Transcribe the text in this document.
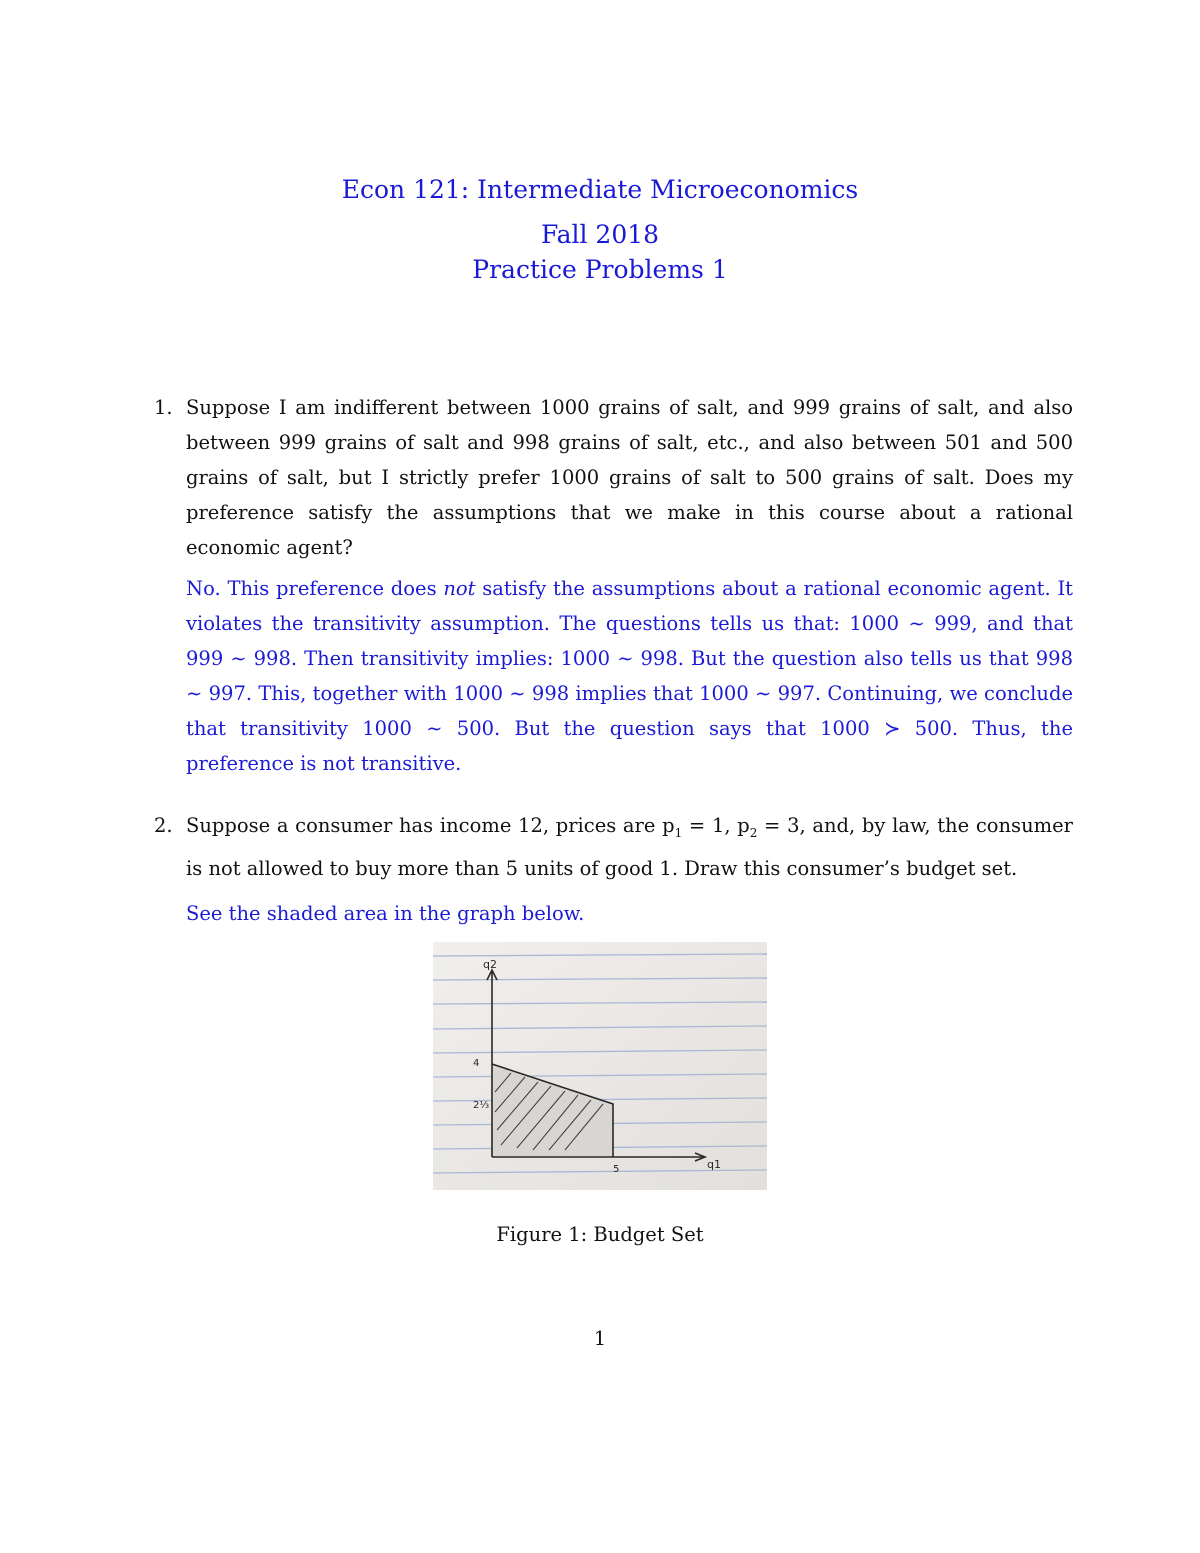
Econ 121: Intermediate Microeconomics
Fall 2018
Practice Problems 1
1. Suppose I am indifferent between 1000 grains of salt, and 999 grains of salt, and also between 999 grains of salt and 998 grains of salt, etc., and also between 501 and 500 grains of salt, but I strictly prefer 1000 grains of salt to 500 grains of salt. Does my preference satisfy the assumptions that we make in this course about a rational economic agent?
No. This preference does not satisfy the assumptions about a rational economic agent. It violates the transitivity assumption. The questions tells us that: 1000 ∼ 999, and that 999 ∼ 998. Then transitivity implies: 1000 ∼ 998. But the question also tells us that 998 ∼ 997. This, together with 1000 ∼ 998 implies that 1000 ∼ 997. Continuing, we conclude that transitivity 1000 ∼ 500. But the question says that 1000 ≻ 500. Thus, the preference is not transitive.
2. Suppose a consumer has income 12, prices are $p_1 = 1$, $p_2 = 3$, and, by law, the consumer is not allowed to buy more than 5 units of good 1. Draw this consumer’s budget set.
See the shaded area in the graph below.
q2
q1
4
2⅓
5
Figure 1: Budget Set
1
